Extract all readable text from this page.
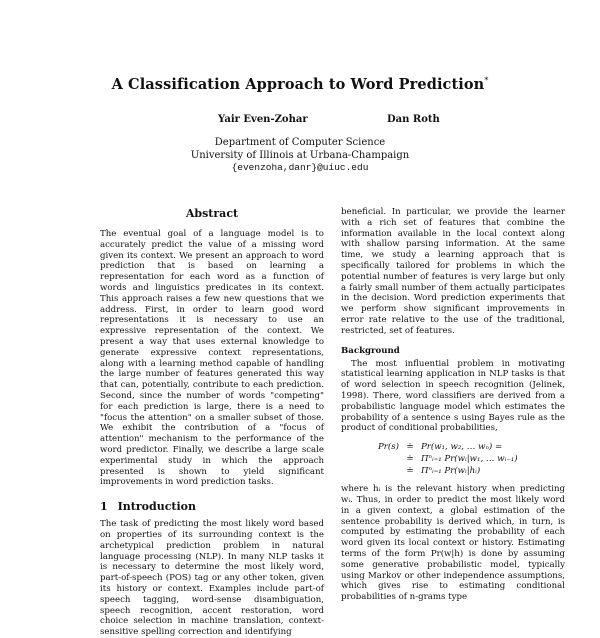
A Classification Approach to Word Prediction*
Yair Even-Zohar	Dan Roth
Department of Computer Science
University of Illinois at Urbana-Champaign
{evenzoha,danr}@uiuc.edu
Abstract

The eventual goal of a language model is to accurately predict the value of a missing word given its context. We present an approach to word prediction that is based on learning a representation for each word as a function of words and linguistics predicates in its context. This approach raises a few new questions that we address. First, in order to learn good word representations it is necessary to use an expressive representation of the context. We present a way that uses external knowledge to generate expressive context representations, along with a learning method capable of handling the large number of features generated this way that can, potentially, contribute to each prediction. Second, since the number of words "competing" for each prediction is large, there is a need to "focus the attention" on a smaller subset of those. We exhibit the contribution of a "focus of attention" mechanism to the performance of the word predictor. Finally, we describe a large scale experimental study in which the approach presented is shown to yield significant improvements in word prediction tasks.

1 Introduction

The task of predicting the most likely word based on properties of its surrounding context is the archetypical prediction problem in natural language processing (NLP). In many NLP tasks it is necessary to determine the most likely word, part-of-speech (POS) tag or any other token, given its history or context. Examples include part-of speech tagging, word-sense disambiguation, speech recognition, accent restoration, word choice selection in machine translation, context-sensitive spelling correction and identifying

beneficial. In particular, we provide the learner with a rich set of features that combine the information available in the local context along with shallow parsing information. At the same time, we study a learning approach that is specifically tailored for problems in which the potential number of features is very large but only a fairly small number of them actually participates in the decision. Word prediction experiments that we perform show significant improvements in error rate relative to the use of the traditional, restricted, set of features.

Background

The most influential problem in motivating statistical learning application in NLP tasks is that of word selection in speech recognition (Jelinek, 1998). There, word classifiers are derived from a probabilistic language model which estimates the probability of a sentence s using Bayes rule as the product of conditional probabilities,

Pr(s) ≐ Pr(w₁, w₂, … wₙ) =
≐ Πⁿᵢ₌₁ Pr(wᵢ|w₁, … wᵢ₋₁)
≐ Πⁿᵢ₌₁ Pr(wᵢ|hᵢ)

where hᵢ is the relevant history when predicting wᵢ. Thus, in order to predict the most likely word in a given context, a global estimation of the sentence probability is derived which, in turn, is computed by estimating the probability of each word given its local context or history. Estimating terms of the form Pr(w|h) is done by assuming some generative probabilistic model, typically using Markov or other independence assumptions, which gives rise to estimating conditional probabilities of n-grams type
